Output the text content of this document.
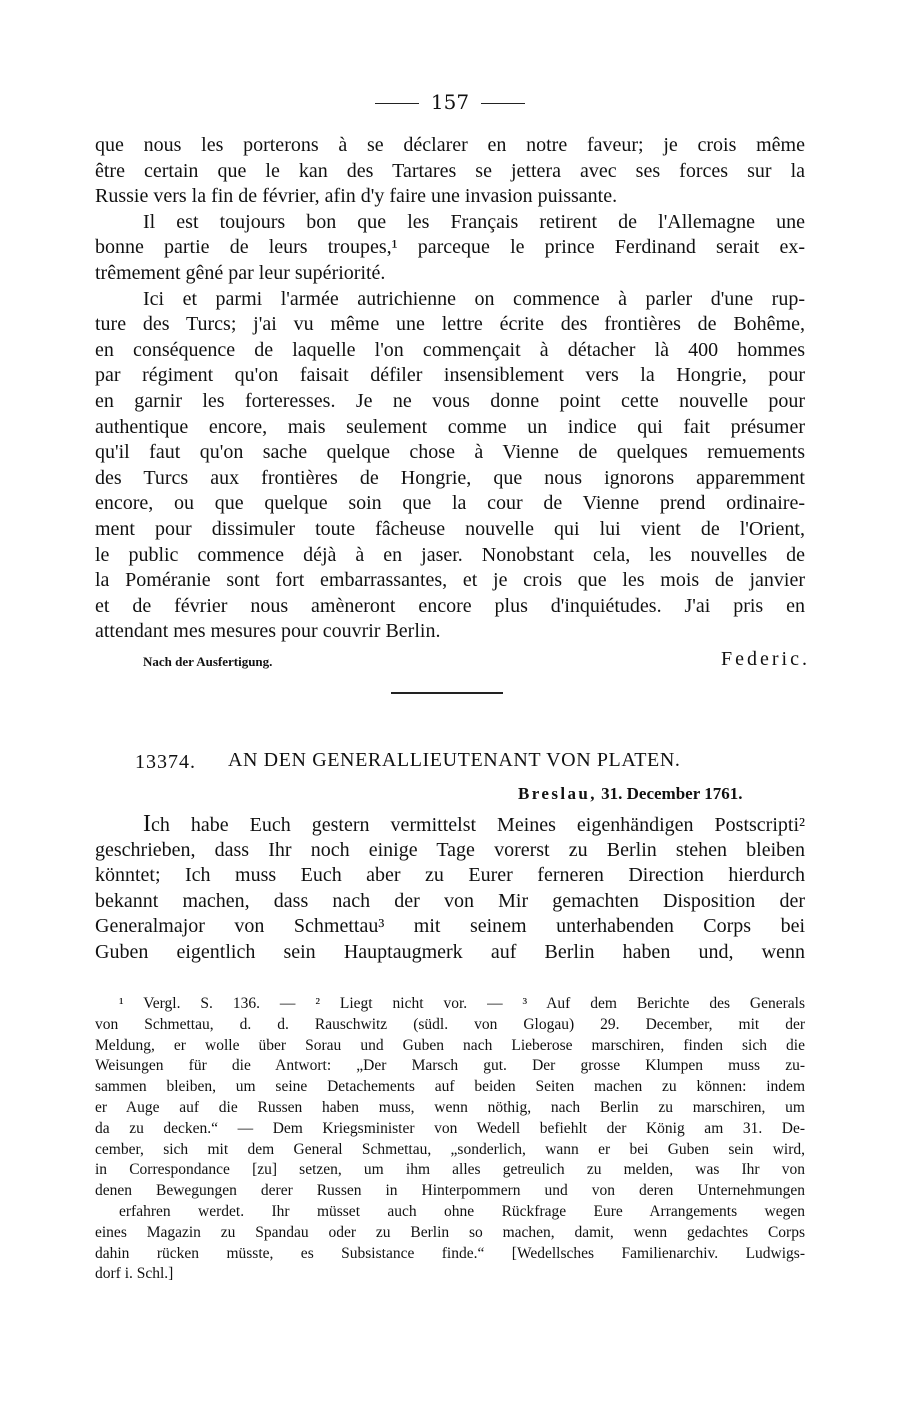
157
que nous les porterons à se déclarer en notre faveur; je crois même
être certain que le kan des Tartares se jettera avec ses forces sur la
Russie vers la fin de février, afin d'y faire une invasion puissante.
Il est toujours bon que les Français retirent de l'Allemagne une
bonne partie de leurs troupes,¹ parceque le prince Ferdinand serait ex-
trêmement gêné par leur supériorité.
Ici et parmi l'armée autrichienne on commence à parler d'une rup-
ture des Turcs; j'ai vu même une lettre écrite des frontières de Bohême,
en conséquence de laquelle l'on commençait à détacher là 400 hommes
par régiment qu'on faisait défiler insensiblement vers la Hongrie, pour
en garnir les forteresses. Je ne vous donne point cette nouvelle pour
authentique encore, mais seulement comme un indice qui fait présumer
qu'il faut qu'on sache quelque chose à Vienne de quelques remuements
des Turcs aux frontières de Hongrie, que nous ignorons apparemment
encore, ou que quelque soin que la cour de Vienne prend ordinaire-
ment pour dissimuler toute fâcheuse nouvelle qui lui vient de l'Orient,
le public commence déjà à en jaser. Nonobstant cela, les nouvelles de
la Poméranie sont fort embarrassantes, et je crois que les mois de janvier
et de février nous amèneront encore plus d'inquiétudes. J'ai pris en
attendant mes mesures pour couvrir Berlin.
Nach der Ausfertigung.	Federic.
13374. AN DEN GENERALLIEUTENANT VON PLATEN.
Breslau, 31. December 1761.
Ich habe Euch gestern vermittelst Meines eigenhändigen Postscripti²
geschrieben, dass Ihr noch einige Tage vorerst zu Berlin stehen bleiben
könntet; Ich muss Euch aber zu Eurer ferneren Direction hierdurch
bekannt machen, dass nach der von Mir gemachten Disposition der
Generalmajor von Schmettau³ mit seinem unterhabenden Corps bei
Guben eigentlich sein Hauptaugmerk auf Berlin haben und, wenn
¹ Vergl. S. 136. — ² Liegt nicht vor. — ³ Auf dem Berichte des Generals
von Schmettau, d. d. Rauschwitz (südl. von Glogau) 29. December, mit der
Meldung, er wolle über Sorau und Guben nach Lieberose marschiren, finden sich die
Weisungen für die Antwort: „Der Marsch gut. Der grosse Klumpen muss zu-
sammen bleiben, um seine Detachements auf beiden Seiten machen zu können: indem
er Auge auf die Russen haben muss, wenn nöthig, nach Berlin zu marschiren, um
da zu decken.“ — Dem Kriegsminister von Wedell befiehlt der König am 31. De-
cember, sich mit dem General Schmettau, „sonderlich, wann er bei Guben sein wird,
in Correspondance [zu] setzen, um ihm alles getreulich zu melden, was Ihr von
denen Bewegungen derer Russen in Hinterpommern und von deren Unternehmungen
erfahren werdet. Ihr müsset auch ohne Rückfrage Eure Arrangements wegen
eines Magazin zu Spandau oder zu Berlin so machen, damit, wenn gedachtes Corps
dahin rücken müsste, es Subsistance finde.“ [Wedellsches Familienarchiv. Ludwigs-
dorf i. Schl.]
